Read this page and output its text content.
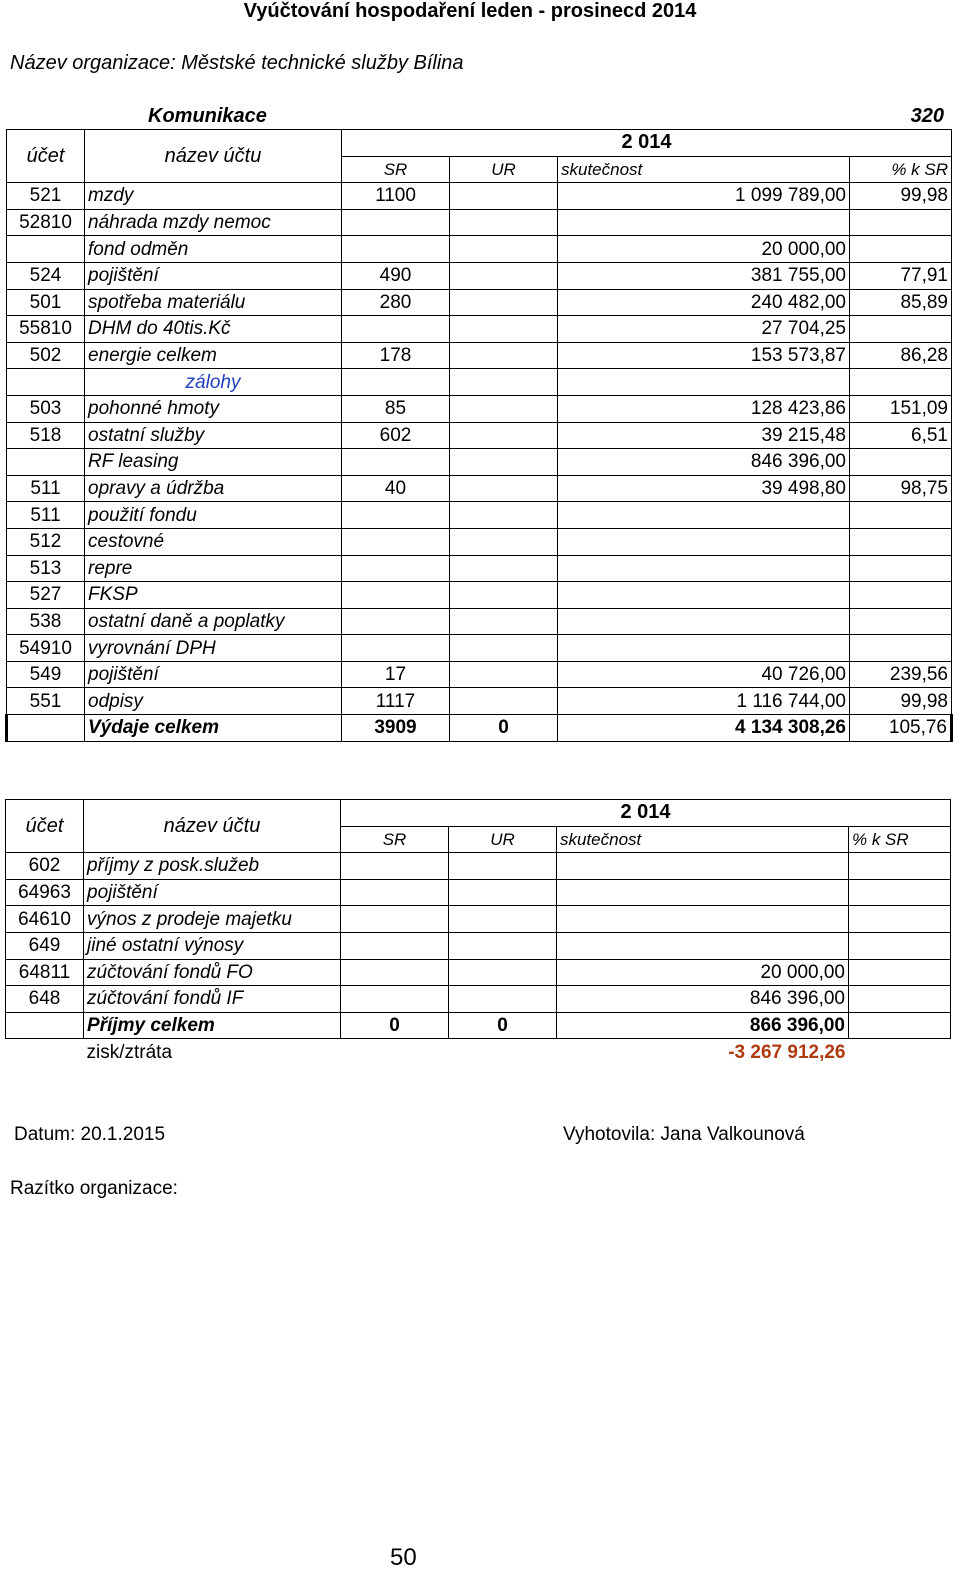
Vyúčtování hospodaření leden - prosinecd 2014
Název organizace: Městské technické služby Bílina
Komunikace	320
účet	název účtu	2 014			
		SR	UR	skutečnost	% k SR
521	mzdy	1100		1 099 789,00	99,98
52810	náhrada mzdy nemoc				
	fond odměn			20 000,00	
524	pojištění	490		381 755,00	77,91
501	spotřeba materiálu	280		240 482,00	85,89
55810	DHM do 40tis.Kč			27 704,25	
502	energie celkem	178		153 573,87	86,28
	zálohy				
503	pohonné hmoty	85		128 423,86	151,09
518	ostatní služby	602		39 215,48	6,51
	RF leasing			846 396,00	
511	opravy a údržba	40		39 498,80	98,75
511	použití fondu				
512	cestovné				
513	repre				
527	FKSP				
538	ostatní daně a poplatky				
54910	vyrovnání DPH				
549	pojištění	17		40 726,00	239,56
551	odpisy	1117		1 116 744,00	99,98
	Výdaje celkem	3909	0	4 134 308,26	105,76
účet	název účtu	2 014			
		SR	UR	skutečnost	% k SR
602	příjmy z posk.služeb				
64963	pojištění				
64610	výnos z prodeje majetku				
649	jiné ostatní výnosy				
64811	zúčtování fondů FO			20 000,00	
648	zúčtování fondů IF			846 396,00	
	Příjmy celkem	0	0	866 396,00	
	zisk/ztráta			-3 267 912,26	
Datum: 20.1.2015	Vyhotovila: Jana Valkounová
Razítko organizace:
50
